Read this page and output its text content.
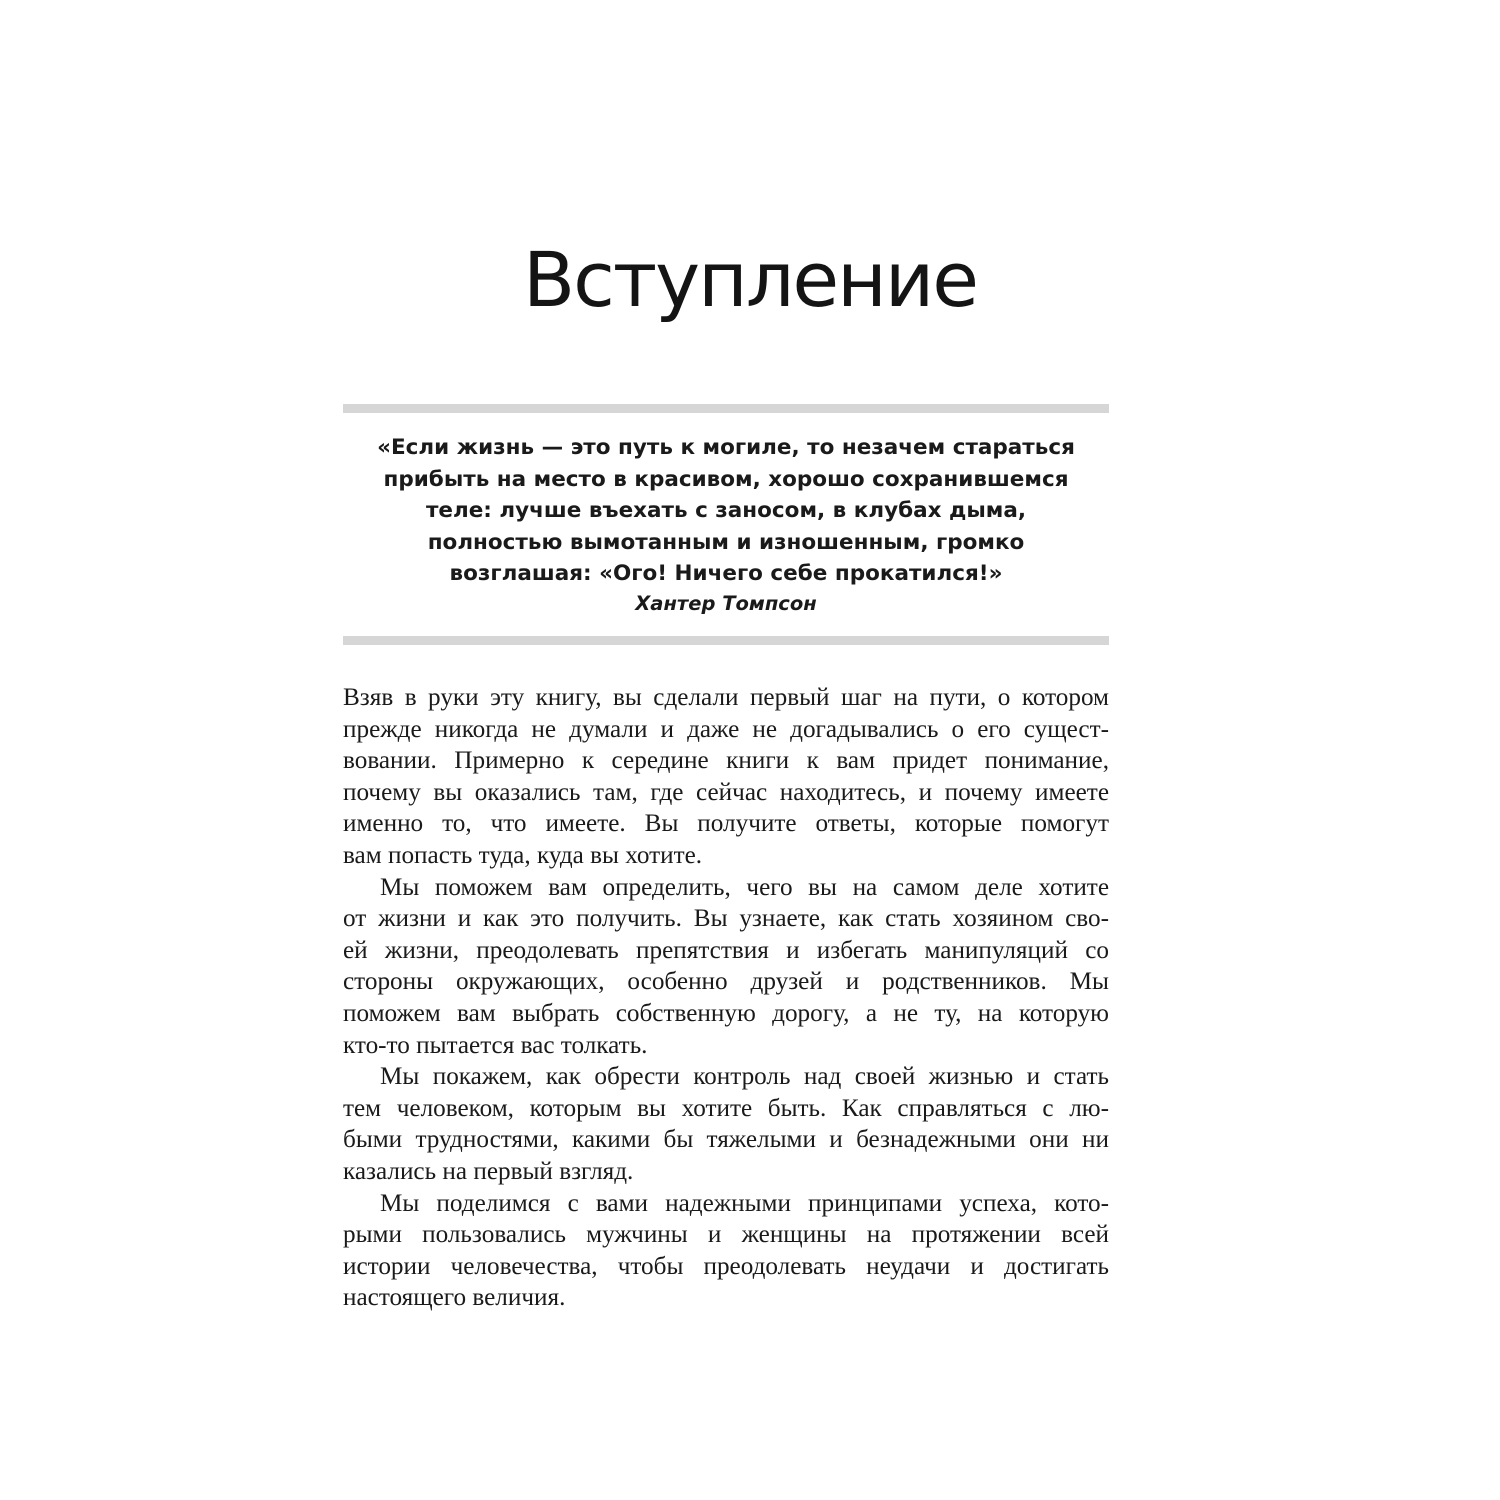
Вступление
«Если жизнь — это путь к могиле, то незачем стараться
прибыть на место в красивом, хорошо сохранившемся
теле: лучше въехать с заносом, в клубах дыма,
полностью вымотанным и изношенным, громко
возглашая: «Ого! Ничего себе прокатился!»
Хантер Томпсон
Взяв в руки эту книгу, вы сделали первый шаг на пути, о котором
прежде никогда не думали и даже не догадывались о его сущест-
вовании. Примерно к середине книги к вам придет понимание,
почему вы оказались там, где сейчас находитесь, и почему имеете
именно то, что имеете. Вы получите ответы, которые помогут
вам попасть туда, куда вы хотите.
Мы поможем вам определить, чего вы на самом деле хотите
от жизни и как это получить. Вы узнаете, как стать хозяином сво-
ей жизни, преодолевать препятствия и избегать манипуляций со
стороны окружающих, особенно друзей и родственников. Мы
поможем вам выбрать собственную дорогу, а не ту, на которую
кто-то пытается вас толкать.
Мы покажем, как обрести контроль над своей жизнью и стать
тем человеком, которым вы хотите быть. Как справляться с лю-
быми трудностями, какими бы тяжелыми и безнадежными они ни
казались на первый взгляд.
Мы поделимся с вами надежными принципами успеха, кото-
рыми пользовались мужчины и женщины на протяжении всей
истории человечества, чтобы преодолевать неудачи и достигать
настоящего величия.
